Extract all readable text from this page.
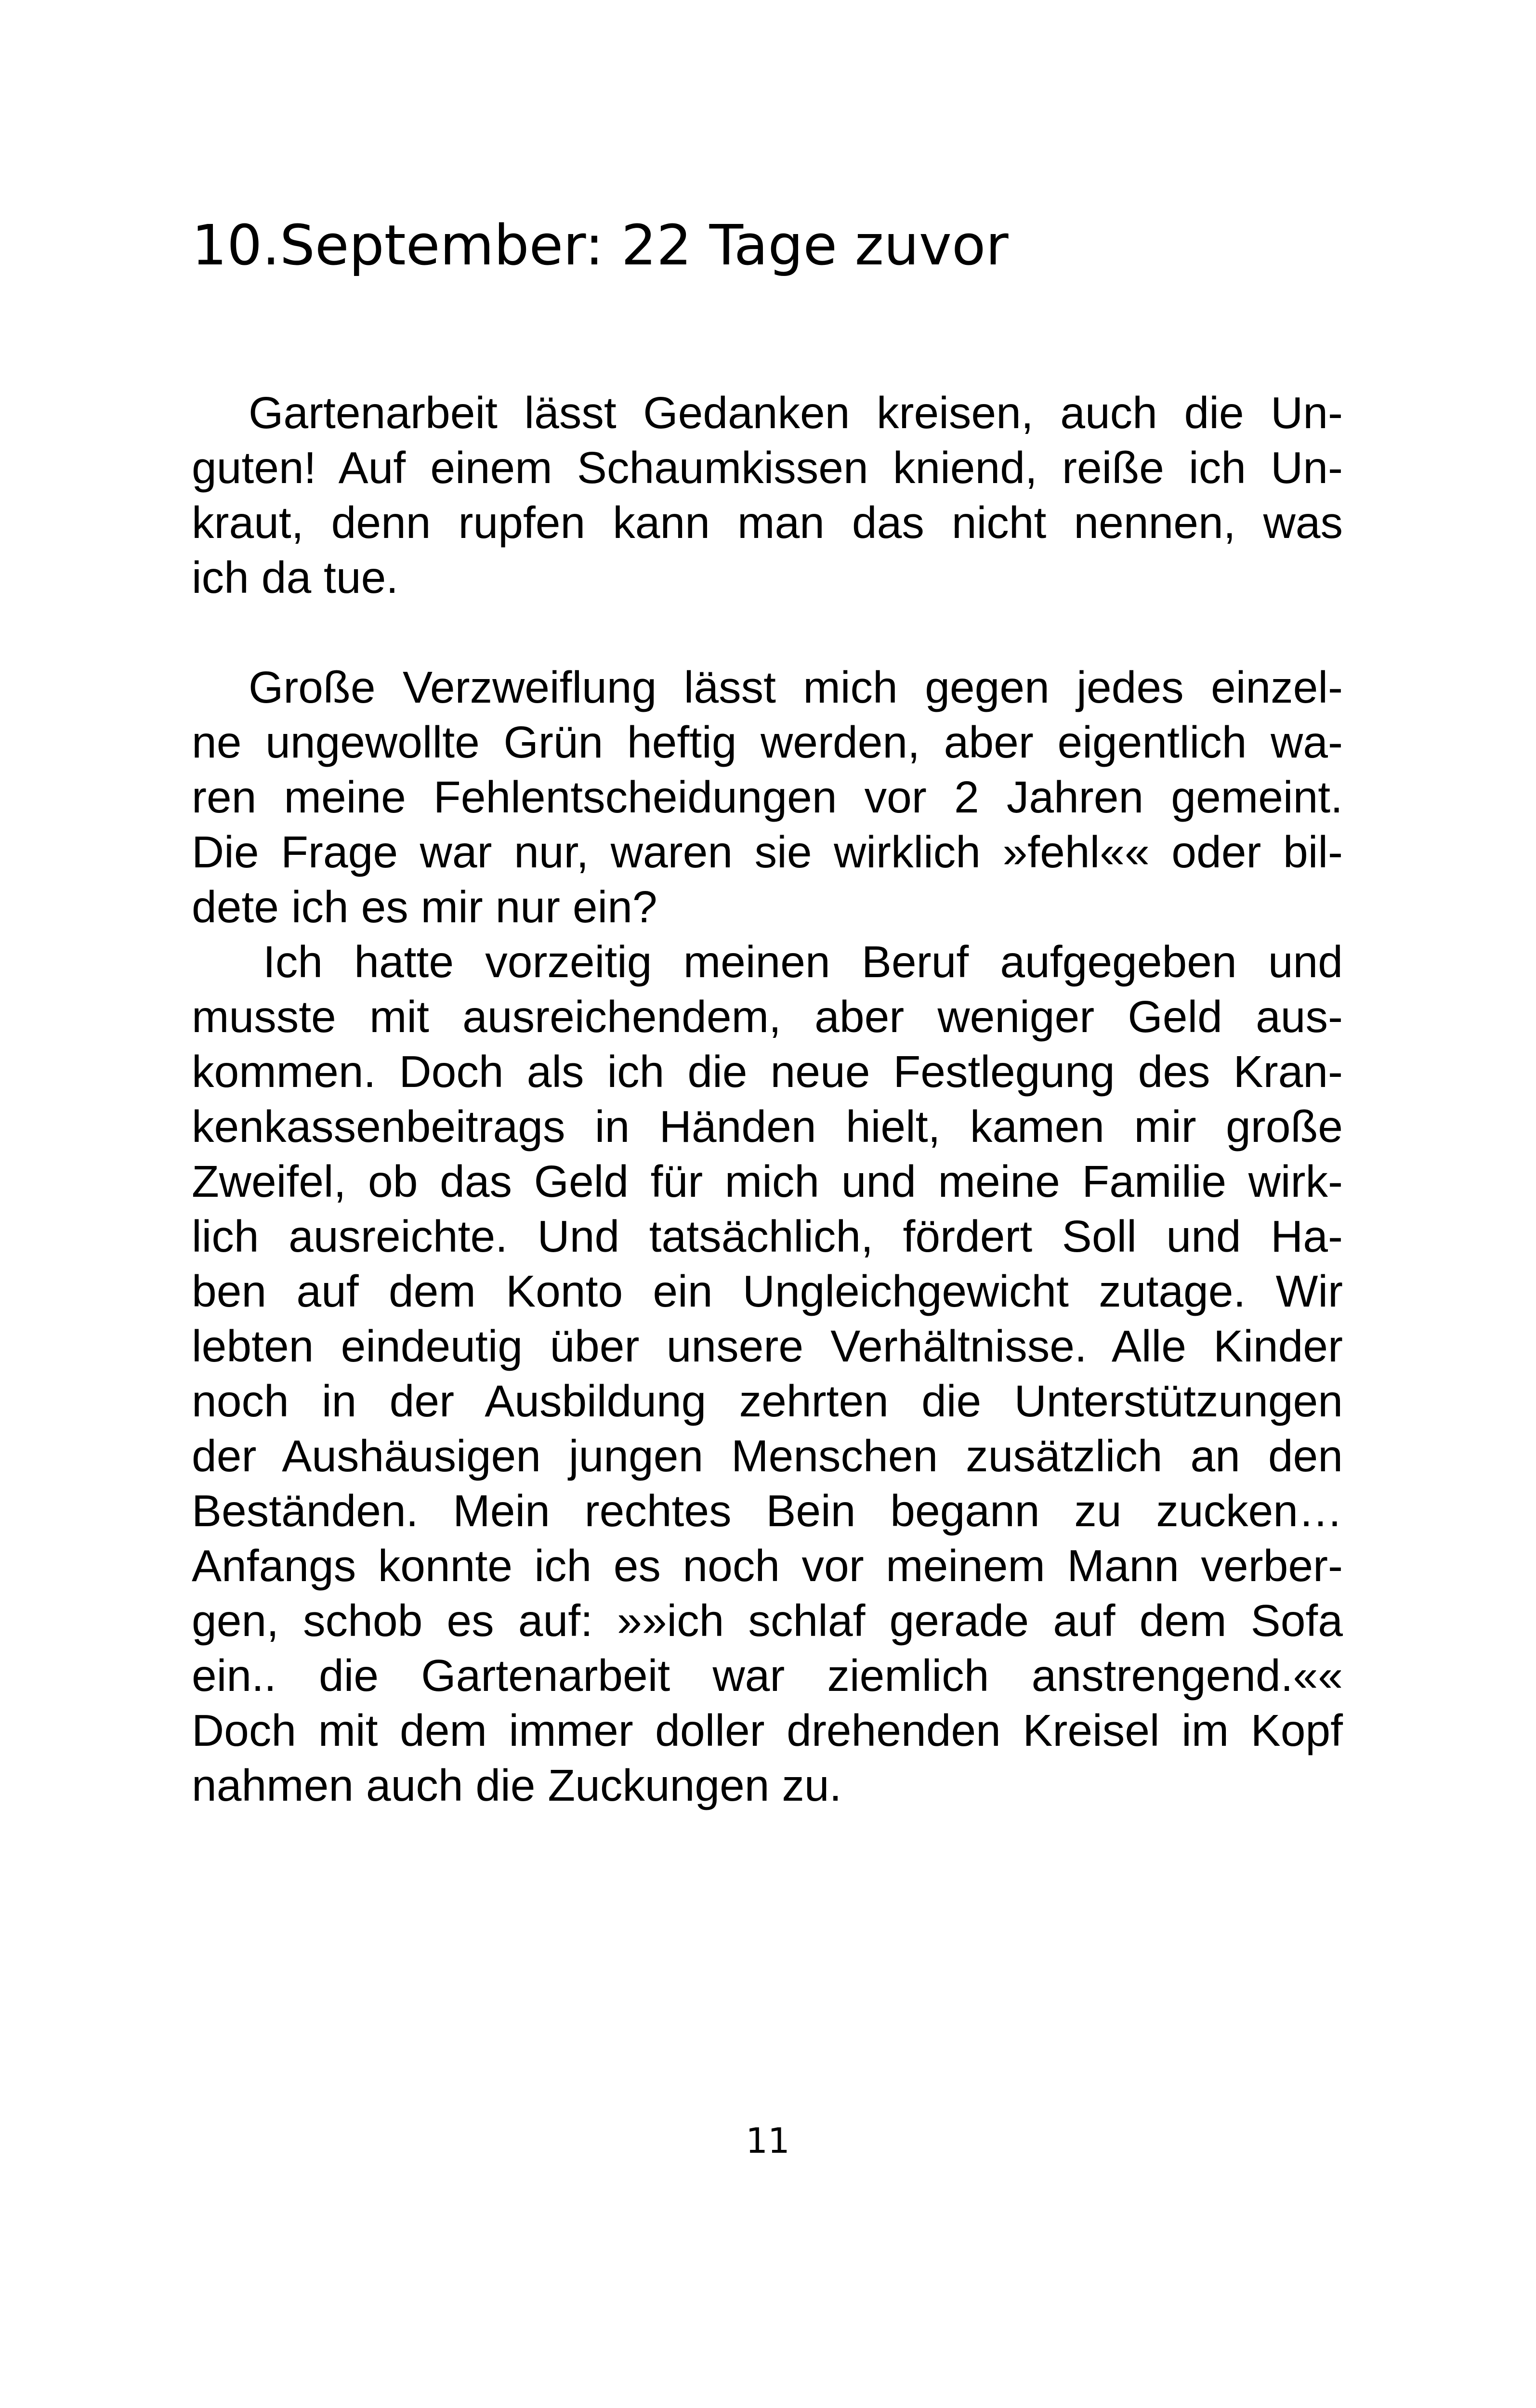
10.September: 22 Tage zuvor
Gartenarbeit lässt Gedanken kreisen, auch die Un-
guten! Auf einem Schaumkissen kniend, reiße ich Un-
kraut, denn rupfen kann man das nicht nennen, was
ich da tue.
Große Verzweiflung lässt mich gegen jedes einzel-
ne ungewollte Grün heftig werden, aber eigentlich wa-
ren meine Fehlentscheidungen vor 2 Jahren gemeint.
Die Frage war nur, waren sie wirklich »fehl«« oder bil-
dete ich es mir nur ein?
Ich hatte vorzeitig meinen Beruf aufgegeben und
musste mit ausreichendem, aber weniger Geld aus-
kommen. Doch als ich die neue Festlegung des Kran-
kenkassenbeitrags in Händen hielt, kamen mir große
Zweifel, ob das Geld für mich und meine Familie wirk-
lich ausreichte. Und tatsächlich, fördert Soll und Ha-
ben auf dem Konto ein Ungleichgewicht zutage. Wir
lebten eindeutig über unsere Verhältnisse. Alle Kinder
noch in der Ausbildung zehrten die Unterstützungen
der Aushäusigen jungen Menschen zusätzlich an den
Beständen. Mein rechtes Bein begann zu zucken…
Anfangs konnte ich es noch vor meinem Mann verber-
gen, schob es auf: »»ich schlaf gerade auf dem Sofa
ein.. die Gartenarbeit war ziemlich anstrengend.««
Doch mit dem immer doller drehenden Kreisel im Kopf
nahmen auch die Zuckungen zu.
11
